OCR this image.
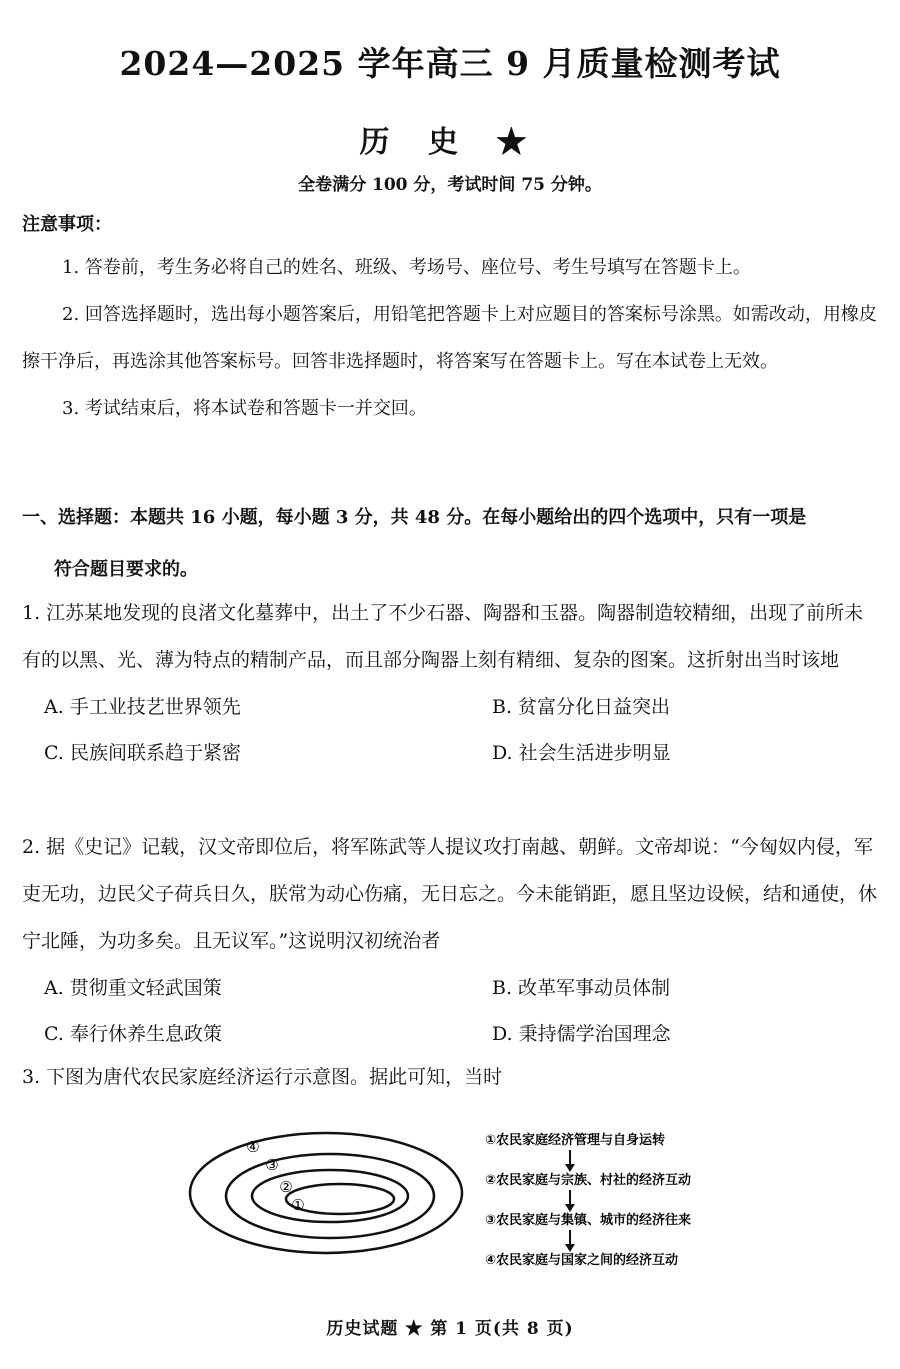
2024—2025 学年高三 9 月质量检测考试
历 史 ★
全卷满分 100 分，考试时间 75 分钟。
注意事项：

1. 答卷前，考生务必将自己的姓名、班级、考场号、座位号、考生号填写在答题卡上。

2. 回答选择题时，选出每小题答案后，用铅笔把答题卡上对应题目的答案标号涂黑。如需改动，用橡皮擦干净后，再选涂其他答案标号。回答非选择题时，将答案写在答题卡上。写在本试卷上无效。

3. 考试结束后，将本试卷和答题卡一并交回。

一、选择题：本题共 16 小题，每小题 3 分，共 48 分。在每小题给出的四个选项中，只有一项是

符合题目要求的。

1. 江苏某地发现的良渚文化墓葬中，出土了不少石器、陶器和玉器。陶器制造较精细，出现了前所未有的以黑、光、薄为特点的精制产品，而且部分陶器上刻有精细、复杂的图案。这折射出当时该地

A. 手工业技艺世界领先	B. 贫富分化日益突出
C. 民族间联系趋于紧密	D. 社会生活进步明显

2. 据《史记》记载，汉文帝即位后，将军陈武等人提议攻打南越、朝鲜。文帝却说：“今匈奴内侵，军吏无功，边民父子荷兵日久，朕常为动心伤痛，无日忘之。今未能销距，愿且坚边设候，结和通使，休宁北陲，为功多矣。且无议军。”这说明汉初统治者

A. 贯彻重文轻武国策	B. 改革军事动员体制
C. 奉行休养生息政策	D. 秉持儒学治国理念

3. 下图为唐代农民家庭经济运行示意图。据此可知，当时

①
②
③
④	①农民家庭经济管理与自身运转
②农民家庭与宗族、村社的经济互动
③农民家庭与集镇、城市的经济往来
④农民家庭与国家之间的经济互动
历史试题 ★ 第 1 页(共 8 页)
